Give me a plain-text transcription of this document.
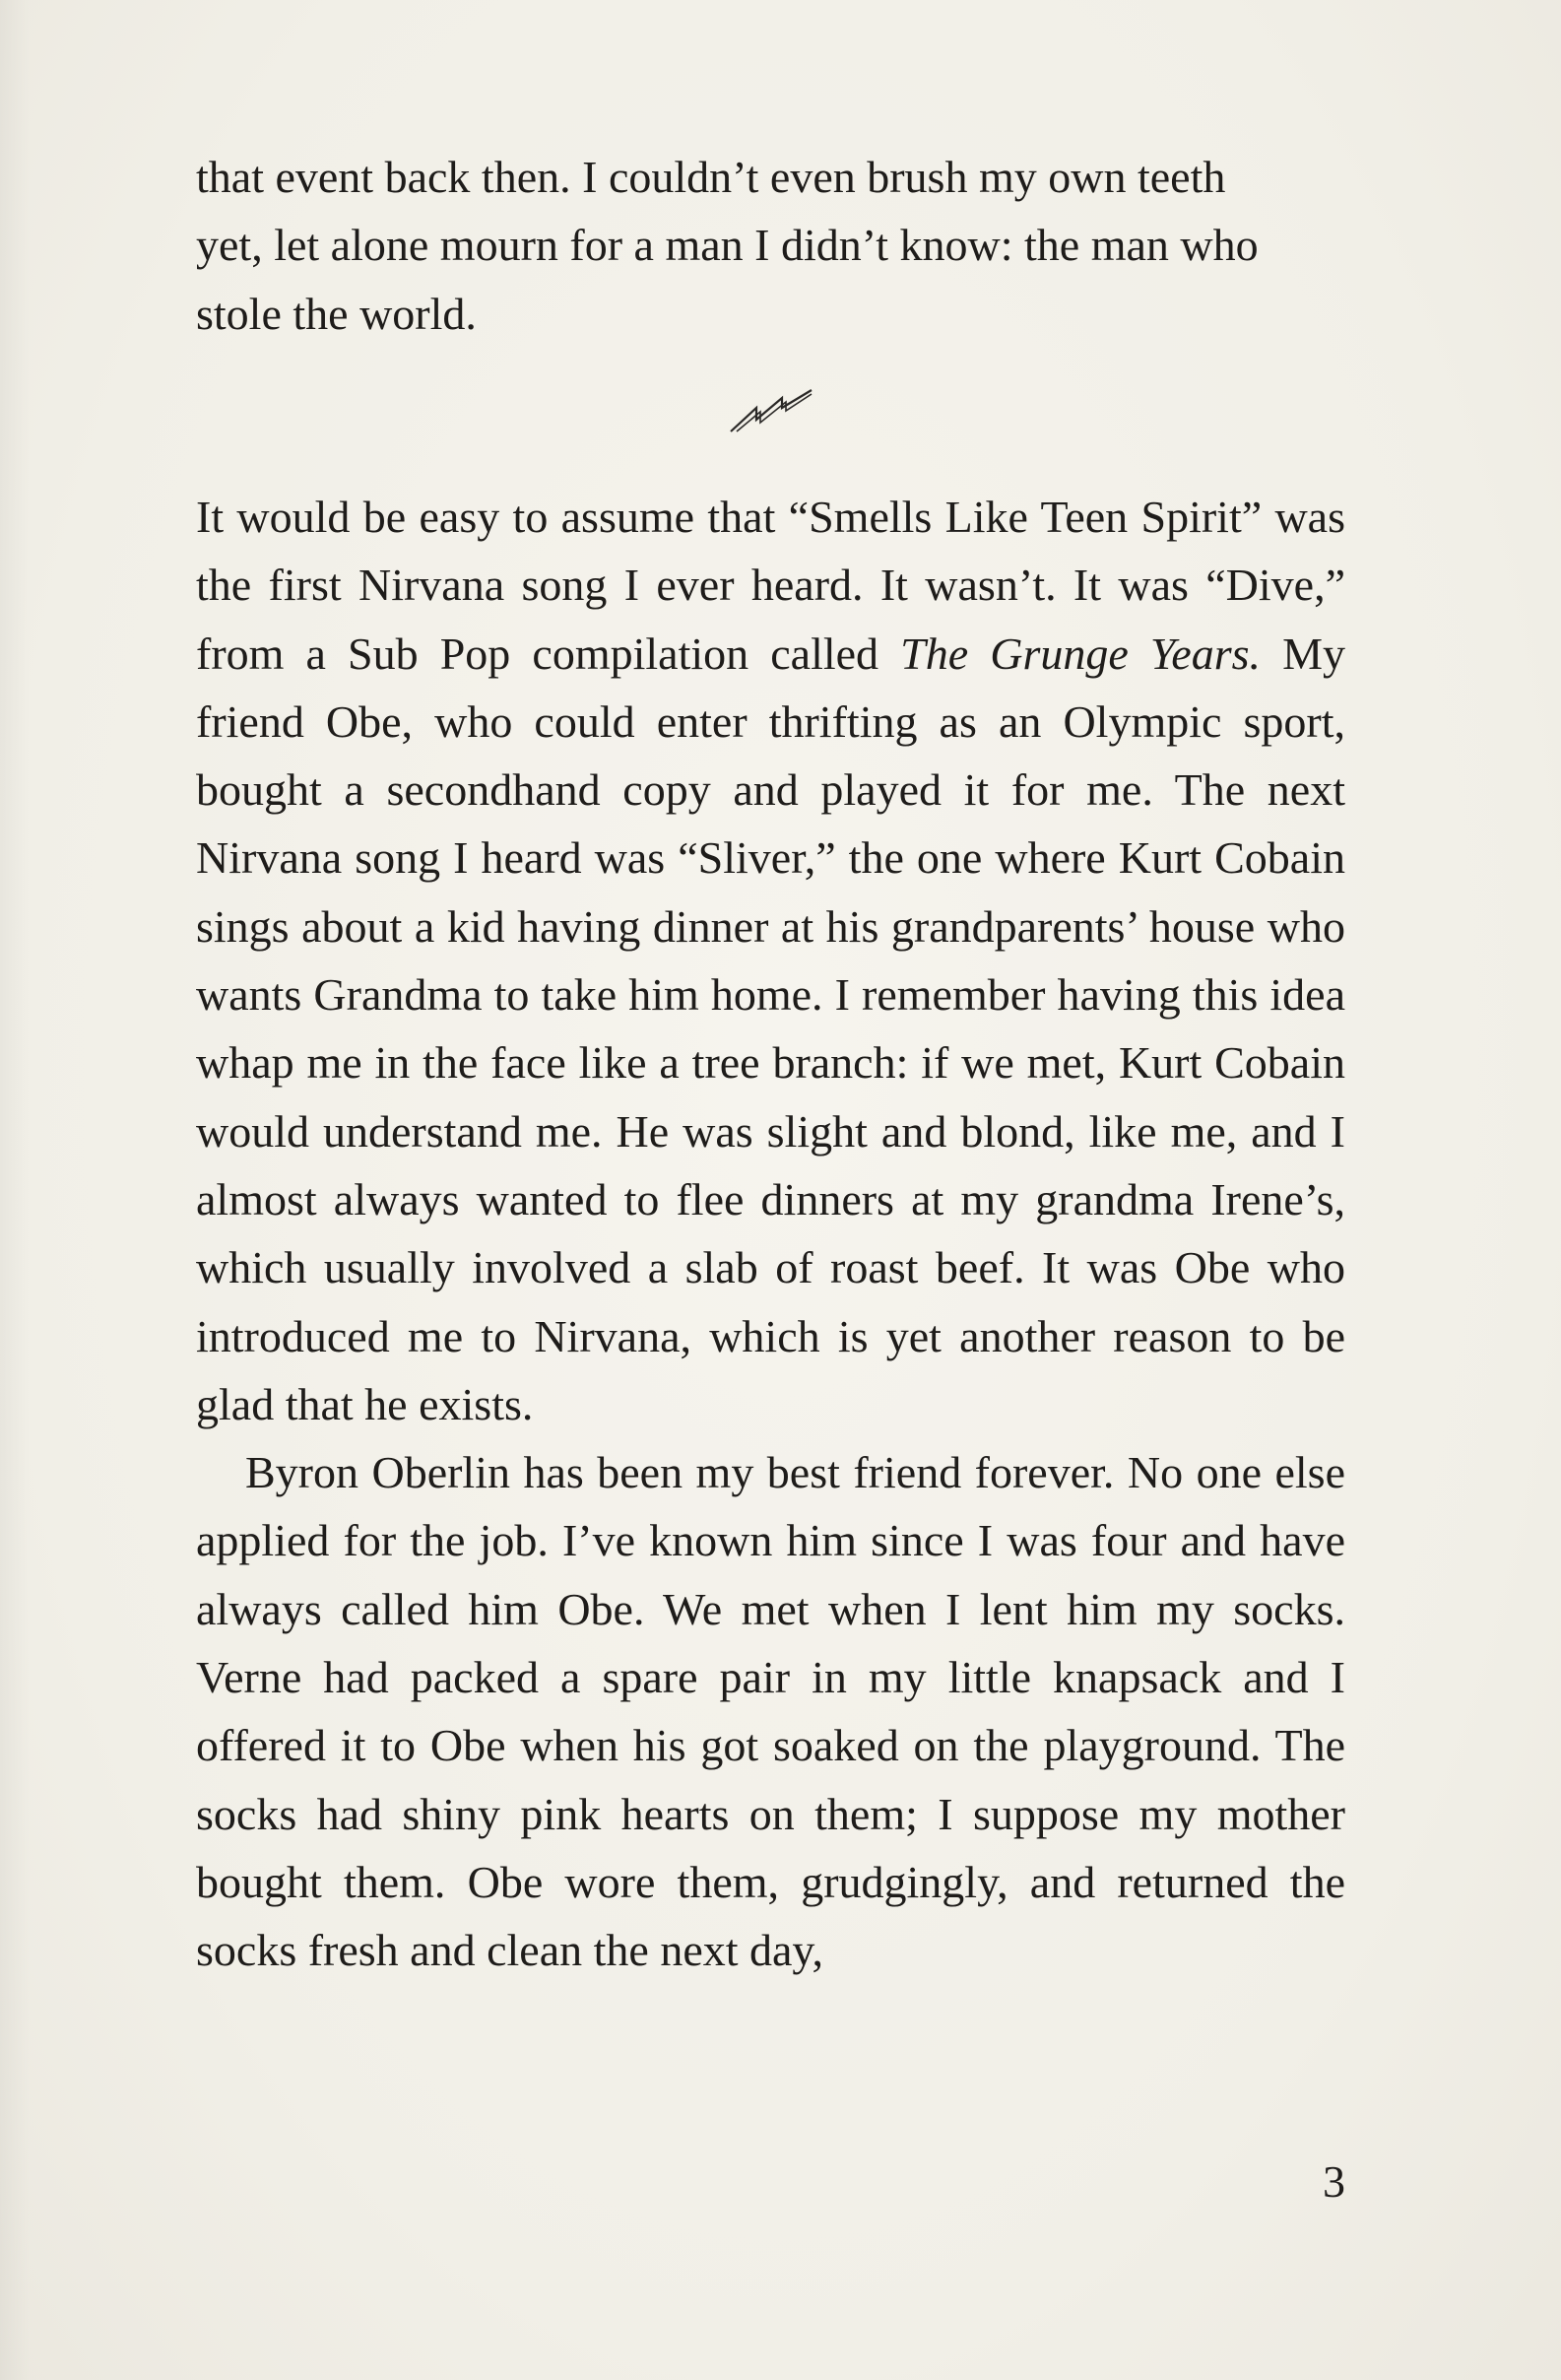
that event back then. I couldn’t even brush my own teeth
yet, let alone mourn for a man I didn’t know: the man who
stole the world.

It would be easy to assume that “Smells Like Teen Spirit” was the first Nirvana song I ever heard. It wasn’t. It was “Dive,” from a Sub Pop compilation called The Grunge Years. My friend Obe, who could enter thrifting as an Olympic sport, bought a secondhand copy and played it for me. The next Nirvana song I heard was “Sliver,” the one where Kurt Cobain sings about a kid having dinner at his grandparents’ house who wants Grandma to take him home. I remember having this idea whap me in the face like a tree branch: if we met, Kurt Cobain would understand me. He was slight and blond, like me, and I almost always wanted to flee dinners at my grandma Irene’s, which usually involved a slab of roast beef. It was Obe who introduced me to Nirvana, which is yet another reason to be glad that he exists.

Byron Oberlin has been my best friend forever. No one else applied for the job. I’ve known him since I was four and have always called him Obe. We met when I lent him my socks. Verne had packed a spare pair in my little knapsack and I offered it to Obe when his got soaked on the playground. The socks had shiny pink hearts on them; I suppose my mother bought them. Obe wore them, grudgingly, and returned the socks fresh and clean the next day,

3
